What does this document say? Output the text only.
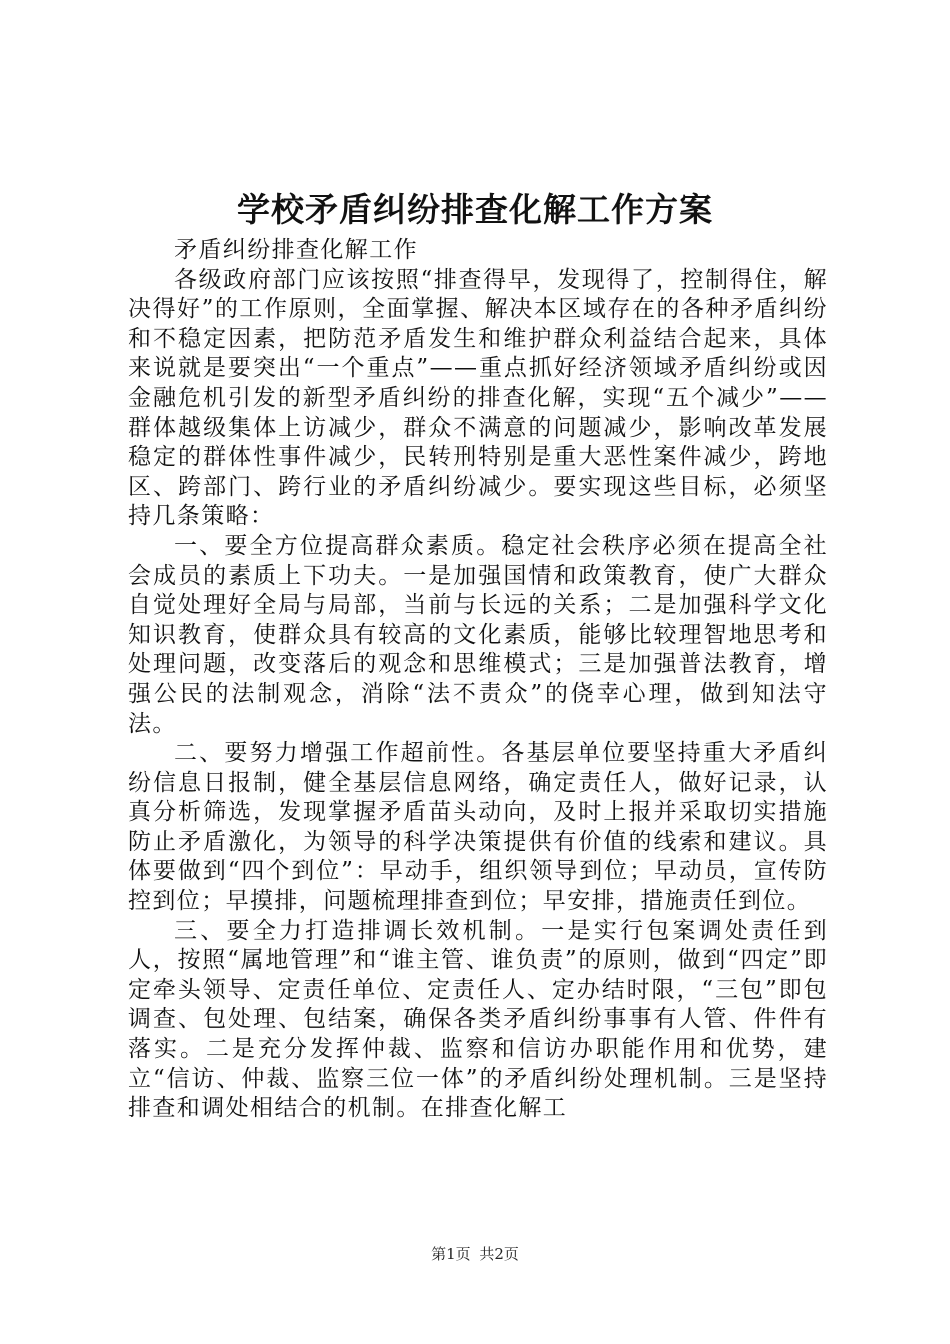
学校矛盾纠纷排查化解工作方案

矛盾纠纷排查化解工作

各级政府部门应该按照“排查得早，发现得了，控制得住，解决得好”的工作原则，全面掌握、解决本区域存在的各种矛盾纠纷和不稳定因素，把防范矛盾发生和维护群众利益结合起来，具体来说就是要突出“一个重点”——重点抓好经济领域矛盾纠纷或因金融危机引发的新型矛盾纠纷的排查化解，实现“五个减少”——群体越级集体上访减少，群众不满意的问题减少，影响改革发展稳定的群体性事件减少，民转刑特别是重大恶性案件减少，跨地区、跨部门、跨行业的矛盾纠纷减少。要实现这些目标，必须坚持几条策略：

一、要全方位提高群众素质。稳定社会秩序必须在提高全社会成员的素质上下功夫。一是加强国情和政策教育，使广大群众自觉处理好全局与局部，当前与长远的关系；二是加强科学文化知识教育，使群众具有较高的文化素质，能够比较理智地思考和处理问题，改变落后的观念和思维模式；三是加强普法教育，增强公民的法制观念，消除“法不责众”的侥幸心理，做到知法守法。

二、要努力增强工作超前性。各基层单位要坚持重大矛盾纠纷信息日报制，健全基层信息网络，确定责任人，做好记录，认真分析筛选，发现掌握矛盾苗头动向，及时上报并采取切实措施防止矛盾激化，为领导的科学决策提供有价值的线索和建议。具体要做到“四个到位”：早动手，组织领导到位；早动员，宣传防控到位；早摸排，问题梳理排查到位；早安排，措施责任到位。

三、要全力打造排调长效机制。一是实行包案调处责任到人，按照“属地管理”和“谁主管、谁负责”的原则，做到“四定”即定牵头领导、定责任单位、定责任人、定办结时限，“三包”即包调查、包处理、包结案，确保各类矛盾纠纷事事有人管、件件有落实。二是充分发挥仲裁、监察和信访办职能作用和优势，建立“信访、仲裁、监察三位一体”的矛盾纠纷处理机制。三是坚持排查和调处相结合的机制。在排查化解工

第1页 共2页
